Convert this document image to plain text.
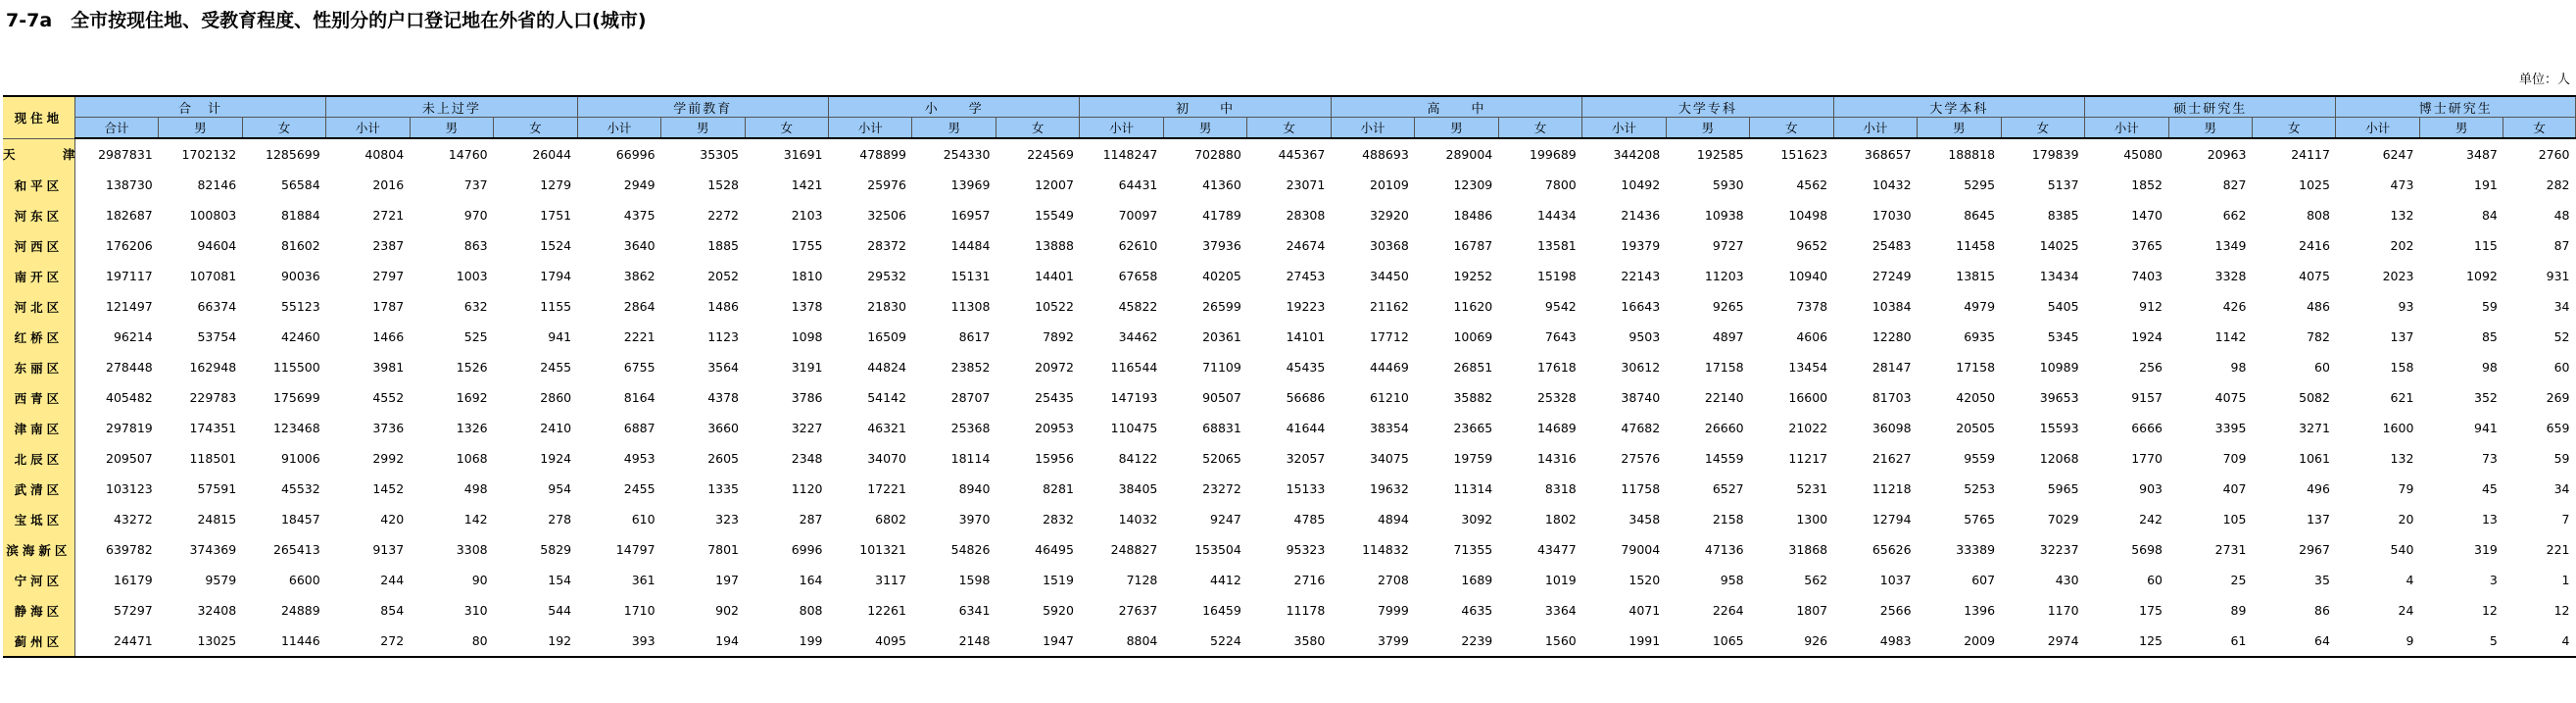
7-7a　全市按现住地、受教育程度、性别分的户口登记地在外省的人口(城市)
单位：人
现住地	合　计			未上过学			学前教育			小　　学			初　　中			高　　中			大学专科			大学本科			硕士研究生			博士研究生		
	合计	男	女	小计	男	女	小计	男	女	小计	男	女	小计	男	女	小计	男	女	小计	男	女	小计	男	女	小计	男	女	小计	男	女
天　津	2987831	1702132	1285699	40804	14760	26044	66996	35305	31691	478899	254330	224569	1148247	702880	445367	488693	289004	199689	344208	192585	151623	368657	188818	179839	45080	20963	24117	6247	3487	2760
和平区	138730	82146	56584	2016	737	1279	2949	1528	1421	25976	13969	12007	64431	41360	23071	20109	12309	7800	10492	5930	4562	10432	5295	5137	1852	827	1025	473	191	282
河东区	182687	100803	81884	2721	970	1751	4375	2272	2103	32506	16957	15549	70097	41789	28308	32920	18486	14434	21436	10938	10498	17030	8645	8385	1470	662	808	132	84	48
河西区	176206	94604	81602	2387	863	1524	3640	1885	1755	28372	14484	13888	62610	37936	24674	30368	16787	13581	19379	9727	9652	25483	11458	14025	3765	1349	2416	202	115	87
南开区	197117	107081	90036	2797	1003	1794	3862	2052	1810	29532	15131	14401	67658	40205	27453	34450	19252	15198	22143	11203	10940	27249	13815	13434	7403	3328	4075	2023	1092	931
河北区	121497	66374	55123	1787	632	1155	2864	1486	1378	21830	11308	10522	45822	26599	19223	21162	11620	9542	16643	9265	7378	10384	4979	5405	912	426	486	93	59	34
红桥区	96214	53754	42460	1466	525	941	2221	1123	1098	16509	8617	7892	34462	20361	14101	17712	10069	7643	9503	4897	4606	12280	6935	5345	1924	1142	782	137	85	52
东丽区	278448	162948	115500	3981	1526	2455	6755	3564	3191	44824	23852	20972	116544	71109	45435	44469	26851	17618	30612	17158	13454	28147	17158	10989	256	98	60	158	98	60
西青区	405482	229783	175699	4552	1692	2860	8164	4378	3786	54142	28707	25435	147193	90507	56686	61210	35882	25328	38740	22140	16600	81703	42050	39653	9157	4075	5082	621	352	269
津南区	297819	174351	123468	3736	1326	2410	6887	3660	3227	46321	25368	20953	110475	68831	41644	38354	23665	14689	47682	26660	21022	36098	20505	15593	6666	3395	3271	1600	941	659
北辰区	209507	118501	91006	2992	1068	1924	4953	2605	2348	34070	18114	15956	84122	52065	32057	34075	19759	14316	27576	14559	11217	21627	9559	12068	1770	709	1061	132	73	59
武清区	103123	57591	45532	1452	498	954	2455	1335	1120	17221	8940	8281	38405	23272	15133	19632	11314	8318	11758	6527	5231	11218	5253	5965	903	407	496	79	45	34
宝坻区	43272	24815	18457	420	142	278	610	323	287	6802	3970	2832	14032	9247	4785	4894	3092	1802	3458	2158	1300	12794	5765	7029	242	105	137	20	13	7
滨海新区	639782	374369	265413	9137	3308	5829	14797	7801	6996	101321	54826	46495	248827	153504	95323	114832	71355	43477	79004	47136	31868	65626	33389	32237	5698	2731	2967	540	319	221
宁河区	16179	9579	6600	244	90	154	361	197	164	3117	1598	1519	7128	4412	2716	2708	1689	1019	1520	958	562	1037	607	430	60	25	35	4	3	1
静海区	57297	32408	24889	854	310	544	1710	902	808	12261	6341	5920	27637	16459	11178	7999	4635	3364	4071	2264	1807	2566	1396	1170	175	89	86	24	12	12
蓟州区	24471	13025	11446	272	80	192	393	194	199	4095	2148	1947	8804	5224	3580	3799	2239	1560	1991	1065	926	4983	2009	2974	125	61	64	9	5	4
